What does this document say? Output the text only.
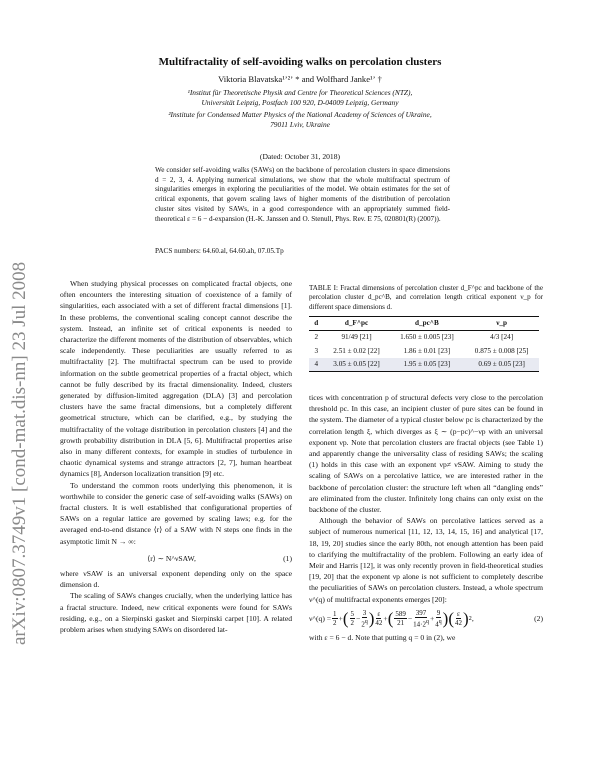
arXiv:0807.3749v1 [cond-mat.dis-nn] 23 Jul 2008
Multifractality of self-avoiding walks on percolation clusters
Viktoria Blavatska¹ʼ²ʼ * and Wolfhard Janke¹ʼ †
¹Institut für Theoretische Physik and Centre for Theoretical Sciences (NTZ),
Universität Leipzig, Postfach 100 920, D-04009 Leipzig, Germany
²Institute for Condensed Matter Physics of the National Academy of Sciences of Ukraine,
79011 Lviv, Ukraine
(Dated: October 31, 2018)
We consider self-avoiding walks (SAWs) on the backbone of percolation clusters in space dimensions d = 2, 3, 4. Applying numerical simulations, we show that the whole multifractal spectrum of singularities emerges in exploring the peculiarities of the model. We obtain estimates for the set of critical exponents, that govern scaling laws of higher moments of the distribution of percolation cluster sites visited by SAWs, in a good correspondence with an appropriately summed field-theoretical ε = 6 − d-expansion (H.-K. Janssen and O. Stenull, Phys. Rev. E 75, 020801(R) (2007)).
PACS numbers: 64.60.al, 64.60.ah, 07.05.Tp

When studying physical processes on complicated fractal objects, one often encounters the interesting situation of coexistence of a family of singularities, each associated with a set of different fractal dimensions [1]. In these problems, the conventional scaling concept cannot describe the system. Instead, an infinite set of critical exponents is needed to characterize the different moments of the distribution of observables, which scale independently. These peculiarities are usually referred to as multifractality [2]. The multifractal spectrum can be used to provide information on the subtle geometrical properties of a fractal object, which cannot be fully described by its fractal dimensionality. Indeed, clusters generated by diffusion-limited aggregation (DLA) [3] and percolation clusters have the same fractal dimensions, but a completely different geometrical structure, which can be clarified, e.g., by studying the multifractality of the voltage distribution in percolation clusters [4] and the growth probability distribution in DLA [5, 6]. Multifractal properties arise also in many different contexts, for example in studies of turbulence in chaotic dynamical systems and strange attractors [2, 7], human heartbeat dynamics [8], Anderson localization transition [9] etc.

To understand the common roots underlying this phenomenon, it is worthwhile to consider the generic case of self-avoiding walks (SAWs) on fractal clusters. It is well established that configurational properties of SAWs on a regular lattice are governed by scaling laws; e.g. for the averaged end-to-end distance ⟨r⟩ of a SAW with N steps one finds in the asymptotic limit N → ∞:

⟨r⟩ ∼ N^νSAW,	(1)

where νSAW is an universal exponent depending only on the space dimension d.

The scaling of SAWs changes crucially, when the underlying lattice has a fractal structure. Indeed, new critical exponents were found for SAWs residing, e.g., on a Sierpinski gasket and Sierpinski carpet [10]. A related problem arises when studying SAWs on disordered lat-

TABLE I: Fractal dimensions of percolation cluster d_F^pc and backbone of the percolation cluster d_pc^B, and correlation length critical exponent ν_p for different space dimensions d.
d	d_F^pc	d_pc^B	ν_p
2	91/49 [21]	1.650 ± 0.005 [23]	4/3 [24]
3	2.51 ± 0.02 [22]	1.86 ± 0.01 [23]	0.875 ± 0.008 [25]
4	3.05 ± 0.05 [22]	1.95 ± 0.05 [23]	0.69 ± 0.05 [23]

tices with concentration p of structural defects very close to the percolation threshold pc. In this case, an incipient cluster of pure sites can be found in the system. The diameter of a typical cluster below pc is characterized by the correlation length ξ, which diverges as ξ ∼ (p−pc)^−νp with an universal exponent νp. Note that percolation clusters are fractal objects (see Table 1) and apparently change the universality class of residing SAWs; the scaling (1) holds in this case with an exponent νp≠ νSAW. Aiming to study the scaling of SAWs on a percolative lattice, we are interested rather in the backbone of percolation cluster: the structure left when all “dangling ends” are eliminated from the cluster. Infinitely long chains can only exist on the backbone of the cluster.

Although the behavior of SAWs on percolative lattices served as a subject of numerous numerical [11, 12, 13, 14, 15, 16] and analytical [17, 18, 19, 20] studies since the early 80th, not enough attention has been paid to clarifying the multifractality of the problem. Following an early idea of Meir and Harris [12], it was only recently proven in field-theoretical studies [19, 20] that the exponent νp alone is not sufficient to completely describe the peculiarities of SAWs on percolation clusters. Instead, a whole spectrum ν^(q) of multifractal exponents emerges [20]:

ν^(q) = $\frac{1}{2}$ + ( $\frac{5}{2} - \frac{3}{2^q}$ ) $\frac{\varepsilon}{42}$ + ( $\frac{589}{21} - \frac{397}{14\cdot 2^q} + \frac{9}{4^q}$ ) ( $\frac{\varepsilon}{42}$ ) 2 ,	(2)

with ε = 6 − d. Note that putting q = 0 in (2), we
